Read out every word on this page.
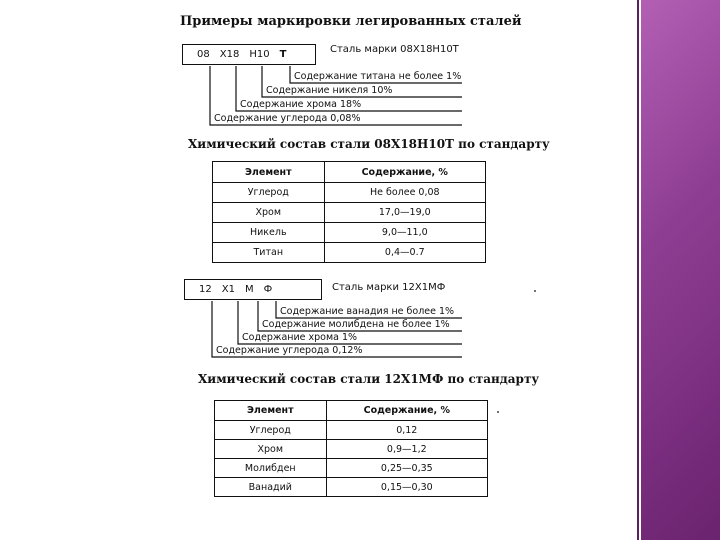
Примеры маркировки легированных сталей
08 Х18 Н10 Т	Сталь марки 08Х18Н10Т
Содержание титана не более 1%
Содержание никеля 10%
Содержание хрома 18%
Содержание углерода 0,08%
Химический состав стали 08Х18Н10Т по стандарту
Элемент	Содержание, %
Углерод	Не более 0,08
Хром	17,0—19,0
Никель	9,0—11,0
Титан	0,4—0.7
12 Х1 М Ф	Сталь марки 12Х1МФ
Содержание ванадия не более 1%
Содержание молибдена не более 1%
Содержание хрома 1%
Содержание углерода 0,12%
Химический состав стали 12Х1МФ по стандарту
Элемент	Содержание, %
Углерод	0,12
Хром	0,9—1,2
Молибден	0,25—0,35
Ванадий	0,15—0,30
